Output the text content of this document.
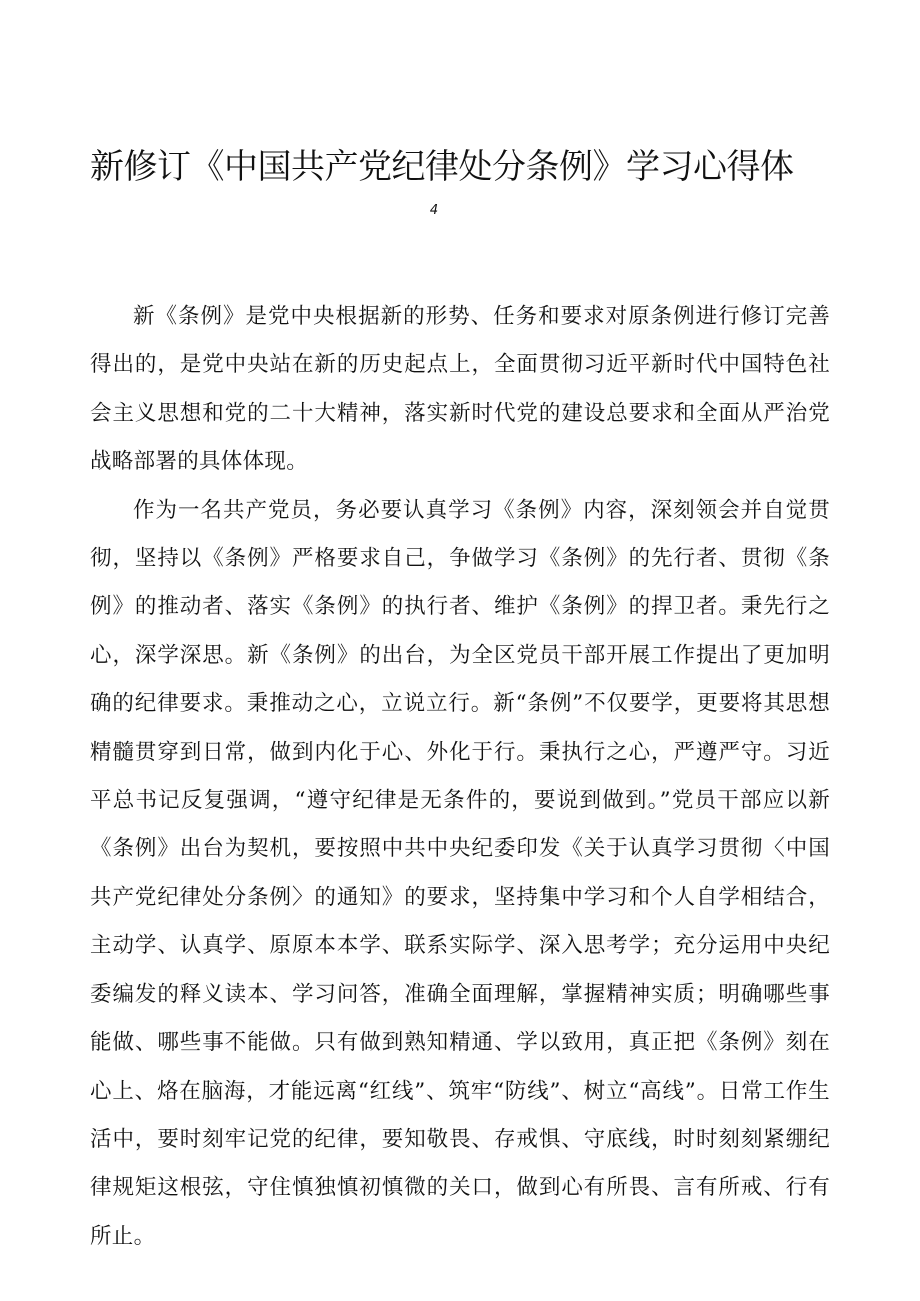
新修订《中国共产党纪律处分条例》学习心得体
4

新《条例》是党中央根据新的形势、任务和要求对原条例进行修订完善得出的，是党中央站在新的历史起点上，全面贯彻习近平新时代中国特色社会主义思想和党的二十大精神，落实新时代党的建设总要求和全面从严治党战略部署的具体体现。

作为一名共产党员，务必要认真学习《条例》内容，深刻领会并自觉贯彻，坚持以《条例》严格要求自己，争做学习《条例》的先行者、贯彻《条例》的推动者、落实《条例》的执行者、维护《条例》的捍卫者。秉先行之心，深学深思。新《条例》的出台，为全区党员干部开展工作提出了更加明确的纪律要求。秉推动之心，立说立行。新“条例”不仅要学，更要将其思想精髓贯穿到日常，做到内化于心、外化于行。秉执行之心，严遵严守。习近平总书记反复强调，“遵守纪律是无条件的，要说到做到。”党员干部应以新《条例》出台为契机，要按照中共中央纪委印发《关于认真学习贯彻〈中国共产党纪律处分条例〉的通知》的要求，坚持集中学习和个人自学相结合，主动学、认真学、原原本本学、联系实际学、深入思考学；充分运用中央纪委编发的释义读本、学习问答，准确全面理解，掌握精神实质；明确哪些事能做、哪些事不能做。只有做到熟知精通、学以致用，真正把《条例》刻在心上、烙在脑海，才能远离“红线”、筑牢“防线”、树立“高线”。日常工作生活中，要时刻牢记党的纪律，要知敬畏、存戒惧、守底线，时时刻刻紧绷纪律规矩这根弦，守住慎独慎初慎微的关口，做到心有所畏、言有所戒、行有所止。
